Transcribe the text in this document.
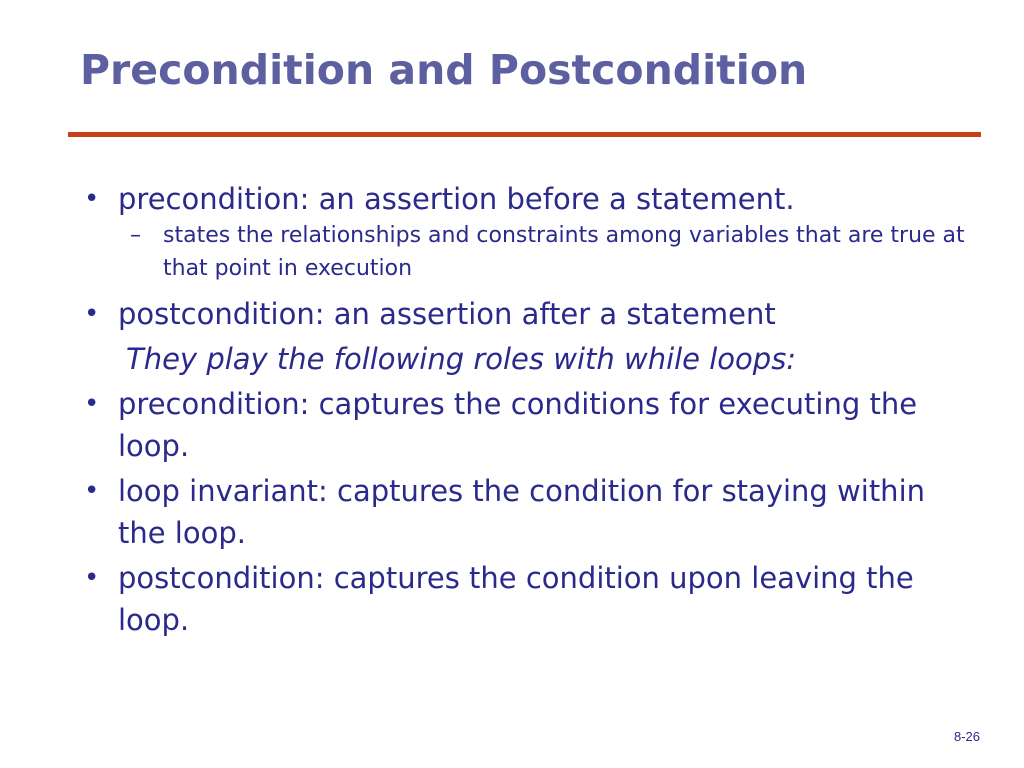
Precondition and Postcondition
• precondition: an assertion before a statement.
– states the relationships and constraints among variables that are true at that point in execution
• postcondition: an assertion after a statement
They play the following roles with while loops:
• precondition: captures the conditions for executing the loop.
• loop invariant: captures the condition for staying within the loop.
• postcondition: captures the condition upon leaving the loop.
8-26
